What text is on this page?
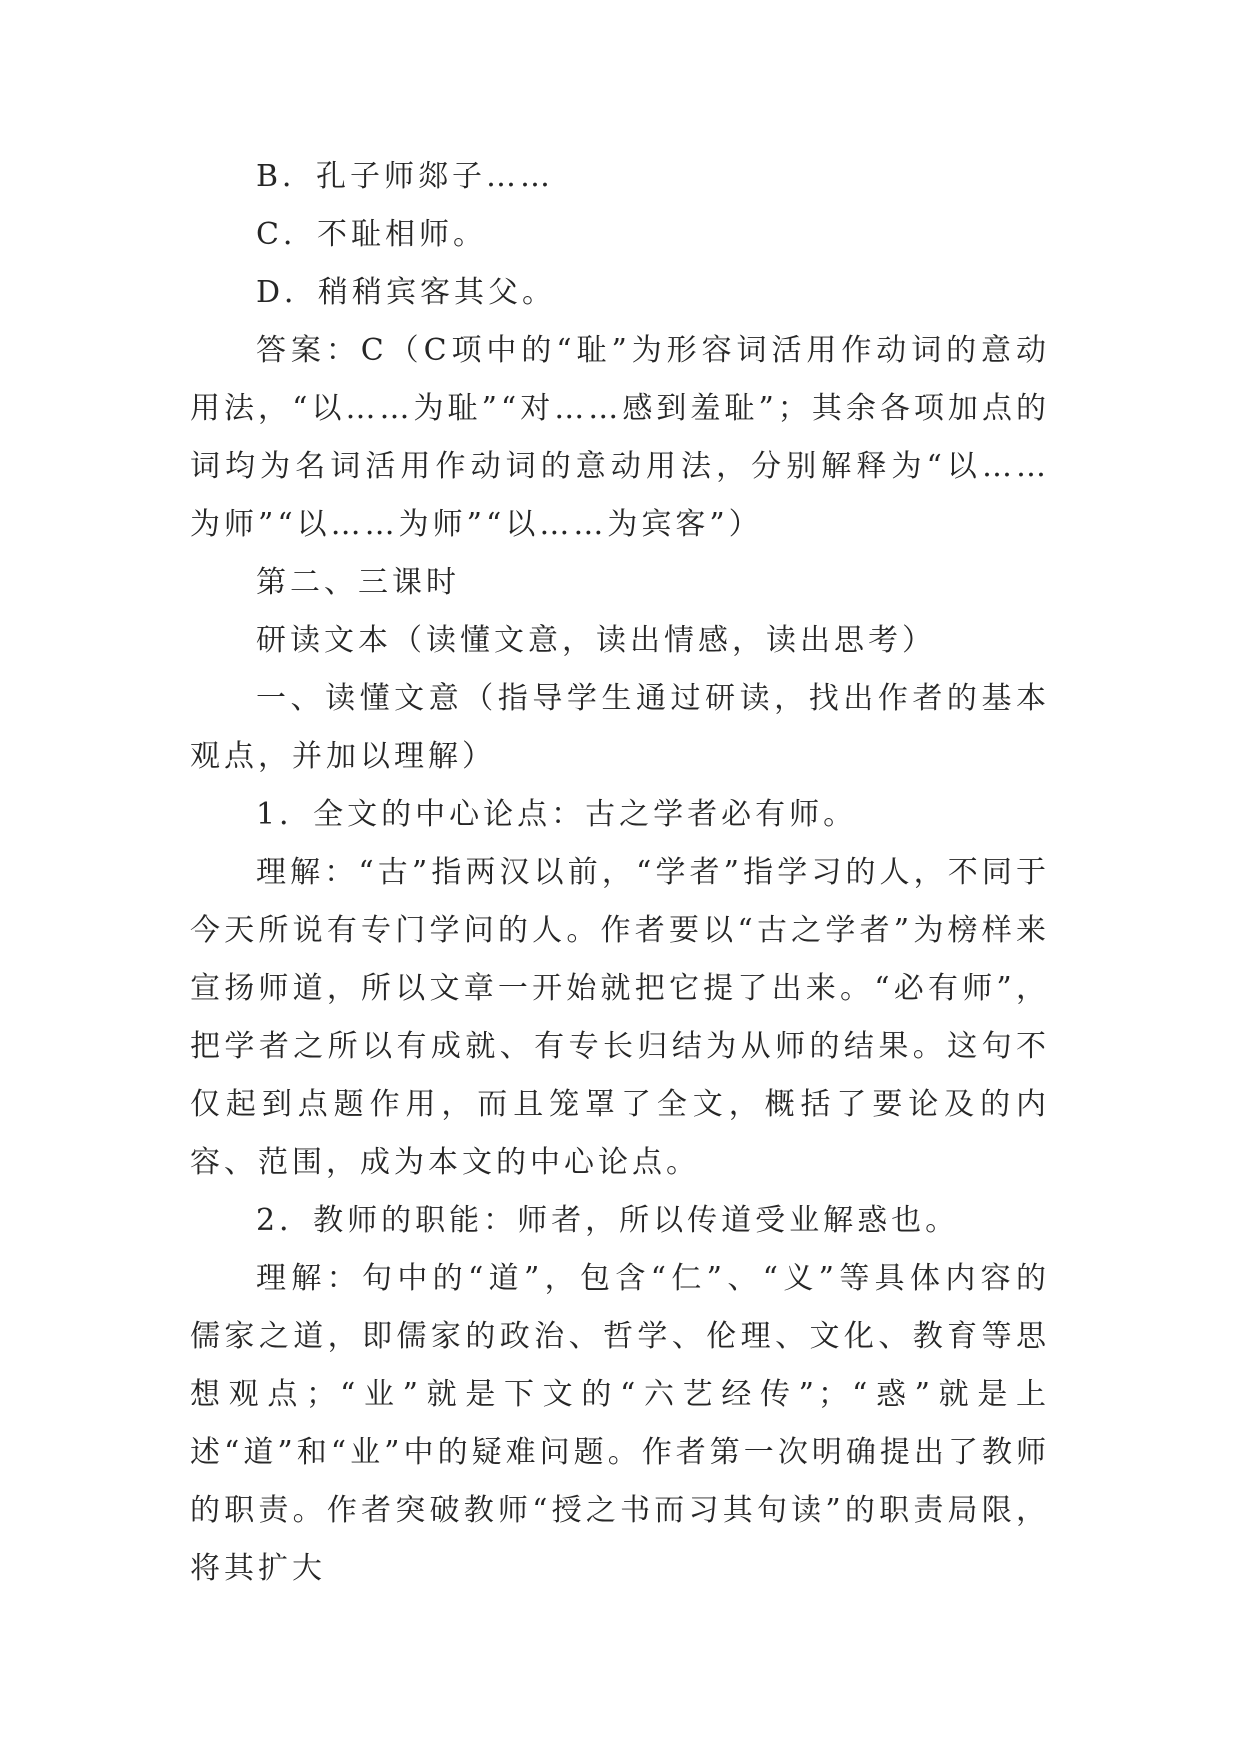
B．孔子师郯子……

C．不耻相师。

D．稍稍宾客其父。

答案：C（C项中的“耻”为形容词活用作动词的意动用法，“以……为耻”“对……感到羞耻”；其余各项加点的词均为名词活用作动词的意动用法，分别解释为“以……为师”“以……为师”“以……为宾客”）

第二、三课时

研读文本（读懂文意，读出情感，读出思考）

一、读懂文意（指导学生通过研读，找出作者的基本观点，并加以理解）

1．全文的中心论点：古之学者必有师。

理解：“古”指两汉以前，“学者”指学习的人，不同于今天所说有专门学问的人。作者要以“古之学者”为榜样来宣扬师道，所以文章一开始就把它提了出来。“必有师”，把学者之所以有成就、有专长归结为从师的结果。这句不仅起到点题作用，而且笼罩了全文，概括了要论及的内容、范围，成为本文的中心论点。

2．教师的职能：师者，所以传道受业解惑也。

理解：句中的“道”，包含“仁”、“义”等具体内容的儒家之道，即儒家的政治、哲学、伦理、文化、教育等思想观点；“业”就是下文的“六艺经传”；“惑”就是上述“道”和“业”中的疑难问题。作者第一次明确提出了教师的职责。作者突破教师“授之书而习其句读”的职责局限，将其扩大
